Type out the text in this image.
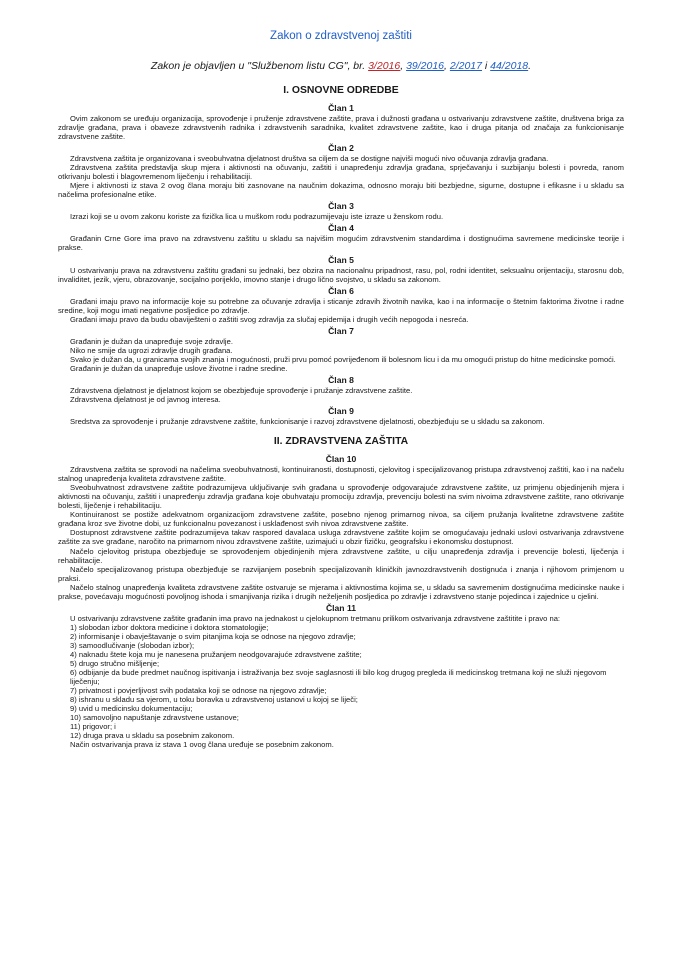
Zakon o zdravstvenoj zaštiti
Zakon je objavljen u "Službenom listu CG", br. 3/2016, 39/2016, 2/2017 i 44/2018.
I. OSNOVNE ODREDBE
Član 1

Ovim zakonom se uređuju organizacija, sprovođenje i pruženje zdravstvene zaštite, prava i dužnosti građana u ostvarivanju zdravstvene zaštite, društvena briga za zdravlje građana, prava i obaveze zdravstvenih radnika i zdravstvenih saradnika, kvalitet zdravstvene zaštite, kao i druga pitanja od značaja za funkcionisanje zdravstvene zaštite.

Član 2

Zdravstvena zaštita je organizovana i sveobuhvatna djelatnost društva sa ciljem da se dostigne najviši mogući nivo očuvanja zdravlja građana.

Zdravstvena zaštita predstavlja skup mjera i aktivnosti na očuvanju, zaštiti i unapređenju zdravlja građana, sprječavanju i suzbijanju bolesti i povreda, ranom otkrivanju bolesti i blagovremenom liječenju i rehabilitaciji.

Mjere i aktivnosti iz stava 2 ovog člana moraju biti zasnovane na naučnim dokazima, odnosno moraju biti bezbjedne, sigurne, dostupne i efikasne i u skladu sa načelima profesionalne etike.

Član 3

Izrazi koji se u ovom zakonu koriste za fizička lica u muškom rodu podrazumijevaju iste izraze u ženskom rodu.

Član 4

Građanin Crne Gore ima pravo na zdravstvenu zaštitu u skladu sa najvišim mogućim zdravstvenim standardima i dostignućima savremene medicinske teorije i prakse.

Član 5

U ostvarivanju prava na zdravstvenu zaštitu građani su jednaki, bez obzira na nacionalnu pripadnost, rasu, pol, rodni identitet, seksualnu orijentaciju, starosnu dob, invaliditet, jezik, vjeru, obrazovanje, socijalno porijeklo, imovno stanje i drugo lično svojstvo, u skladu sa zakonom.

Član 6

Građani imaju pravo na informacije koje su potrebne za očuvanje zdravlja i sticanje zdravih životnih navika, kao i na informacije o štetnim faktorima životne i radne sredine, koji mogu imati negativne posljedice po zdravlje.

Građani imaju pravo da budu obaviješteni o zaštiti svog zdravlja za slučaj epidemija i drugih većih nepogoda i nesreća.

Član 7

Građanin je dužan da unapređuje svoje zdravlje.

Niko ne smije da ugrozi zdravlje drugih građana.

Svako je dužan da, u granicama svojih znanja i mogućnosti, pruži prvu pomoć povrijeđenom ili bolesnom licu i da mu omogući pristup do hitne medicinske pomoći.

Građanin je dužan da unapređuje uslove životne i radne sredine.

Član 8

Zdravstvena djelatnost je djelatnost kojom se obezbjeđuje sprovođenje i pružanje zdravstvene zaštite.

Zdravstvena djelatnost je od javnog interesa.

Član 9

Sredstva za sprovođenje i pružanje zdravstvene zaštite, funkcionisanje i razvoj zdravstvene djelatnosti, obezbjeđuju se u skladu sa zakonom.

II. ZDRAVSTVENA ZAŠTITA
Član 10

Zdravstvena zaštita se sprovodi na načelima sveobuhvatnosti, kontinuiranosti, dostupnosti, cjelovitog i specijalizovanog pristupa zdravstvenoj zaštiti, kao i na načelu stalnog unapređenja kvaliteta zdravstvene zaštite.

Sveobuhvatnost zdravstvene zaštite podrazumijeva uključivanje svih građana u sprovođenje odgovarajuće zdravstvene zaštite, uz primjenu objedinjenih mjera i aktivnosti na očuvanju, zaštiti i unapređenju zdravlja građana koje obuhvataju promociju zdravlja, prevenciju bolesti na svim nivoima zdravstvene zaštite, rano otkrivanje bolesti, liječenje i rehabilitaciju.

Kontinuiranost se postiže adekvatnom organizacijom zdravstvene zaštite, posebno njenog primarnog nivoa, sa ciljem pružanja kvalitetne zdravstvene zaštite građana kroz sve životne dobi, uz funkcionalnu povezanost i usklađenost svih nivoa zdravstvene zaštite.

Dostupnost zdravstvene zaštite podrazumijeva takav raspored davalaca usluga zdravstvene zaštite kojim se omogućavaju jednaki uslovi ostvarivanja zdravstvene zaštite za sve građane, naročito na primarnom nivou zdravstvene zaštite, uzimajući u obzir fizičku, geografsku i ekonomsku dostupnost.

Načelo cjelovitog pristupa obezbjeđuje se sprovođenjem objedinjenih mjera zdravstvene zaštite, u cilju unapređenja zdravlja i prevencije bolesti, liječenja i rehabilitacije.

Načelo specijalizovanog pristupa obezbjeđuje se razvijanjem posebnih specijalizovanih kliničkih javnozdravstvenih dostignuća i znanja i njihovom primjenom u praksi.

Načelo stalnog unapređenja kvaliteta zdravstvene zaštite ostvaruje se mjerama i aktivnostima kojima se, u skladu sa savremenim dostignućima medicinske nauke i prakse, povećavaju mogućnosti povoljnog ishoda i smanjivanja rizika i drugih neželjenih posljedica po zdravlje i zdravstveno stanje pojedinca i zajednice u cjelini.

Član 11

U ostvarivanju zdravstvene zaštite građanin ima pravo na jednakost u cjelokupnom tretmanu prilikom ostvarivanja zdravstvene zaštitite i pravo na:

1) slobodan izbor doktora medicine i doktora stomatologije;
2) informisanje i obavještavanje o svim pitanjima koja se odnose na njegovo zdravlje;
3) samoodlučivanje (slobodan izbor);
4) naknadu štete koja mu je nanesena pružanjem neodgovarajuće zdravstvene zaštite;
5) drugo stručno mišljenje;
6) odbijanje da bude predmet naučnog ispitivanja i istraživanja bez svoje saglasnosti ili bilo kog drugog pregleda ili medicinskog tretmana koji ne služi njegovom liječenju;
7) privatnost i povjerljivost svih podataka koji se odnose na njegovo zdravlje;
8) ishranu u skladu sa vjerom, u toku boravka u zdravstvenoj ustanovi u kojoj se liječi;
9) uvid u medicinsku dokumentaciju;
10) samovoljno napuštanje zdravstvene ustanove;
11) prigovor; i
12) druga prava u skladu sa posebnim zakonom.

Način ostvarivanja prava iz stava 1 ovog člana uređuje se posebnim zakonom.
